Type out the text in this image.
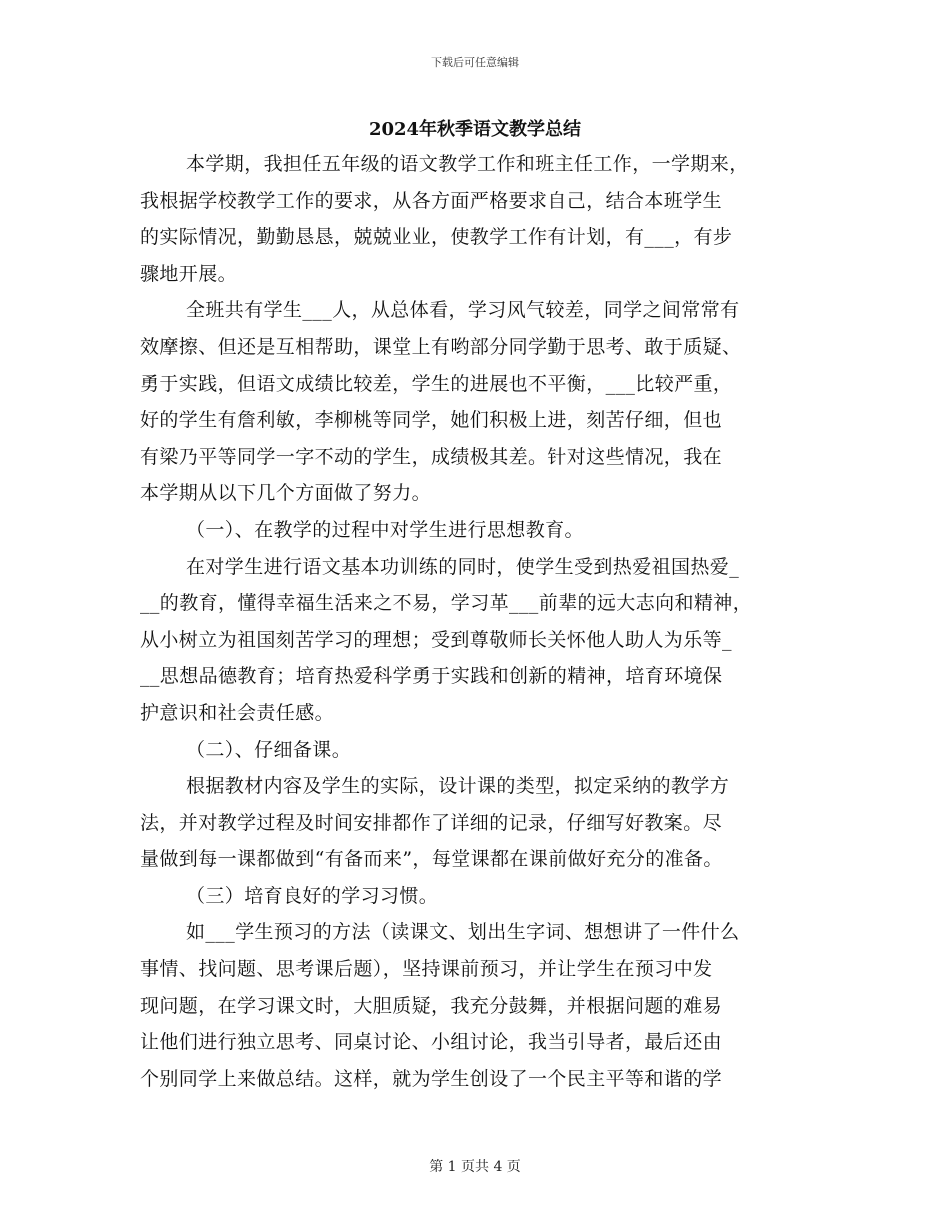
下载后可任意编辑
2024年秋季语文教学总结
本学期，我担任五年级的语文教学工作和班主任工作，一学期来，
我根据学校教学工作的要求，从各方面严格要求自己，结合本班学生
的实际情况，勤勤恳恳，兢兢业业，使教学工作有计划，有___，有步
骤地开展。
全班共有学生___人，从总体看，学习风气较差，同学之间常常有
效摩擦、但还是互相帮助，课堂上有哟部分同学勤于思考、敢于质疑、
勇于实践，但语文成绩比较差，学生的进展也不平衡，___比较严重，
好的学生有詹利敏，李柳桃等同学，她们积极上进，刻苦仔细，但也
有梁乃平等同学一字不动的学生，成绩极其差。针对这些情况，我在
本学期从以下几个方面做了努力。
（一）、在教学的过程中对学生进行思想教育。
在对学生进行语文基本功训练的同时，使学生受到热爱祖国热爱_
__的教育，懂得幸福生活来之不易，学习革___前辈的远大志向和精神，
从小树立为祖国刻苦学习的理想；受到尊敬师长关怀他人助人为乐等_
__思想品德教育；培育热爱科学勇于实践和创新的精神，培育环境保
护意识和社会责任感。
（二）、仔细备课。
根据教材内容及学生的实际，设计课的类型，拟定采纳的教学方
法，并对教学过程及时间安排都作了详细的记录，仔细写好教案。尽
量做到每一课都做到“有备而来”，每堂课都在课前做好充分的准备。
（三）培育良好的学习习惯。
如___学生预习的方法（读课文、划出生字词、想想讲了一件什么
事情、找问题、思考课后题），坚持课前预习，并让学生在预习中发
现问题，在学习课文时，大胆质疑，我充分鼓舞，并根据问题的难易
让他们进行独立思考、同桌讨论、小组讨论，我当引导者，最后还由
个别同学上来做总结。这样，就为学生创设了一个民主平等和谐的学
第 1 页共 4 页
